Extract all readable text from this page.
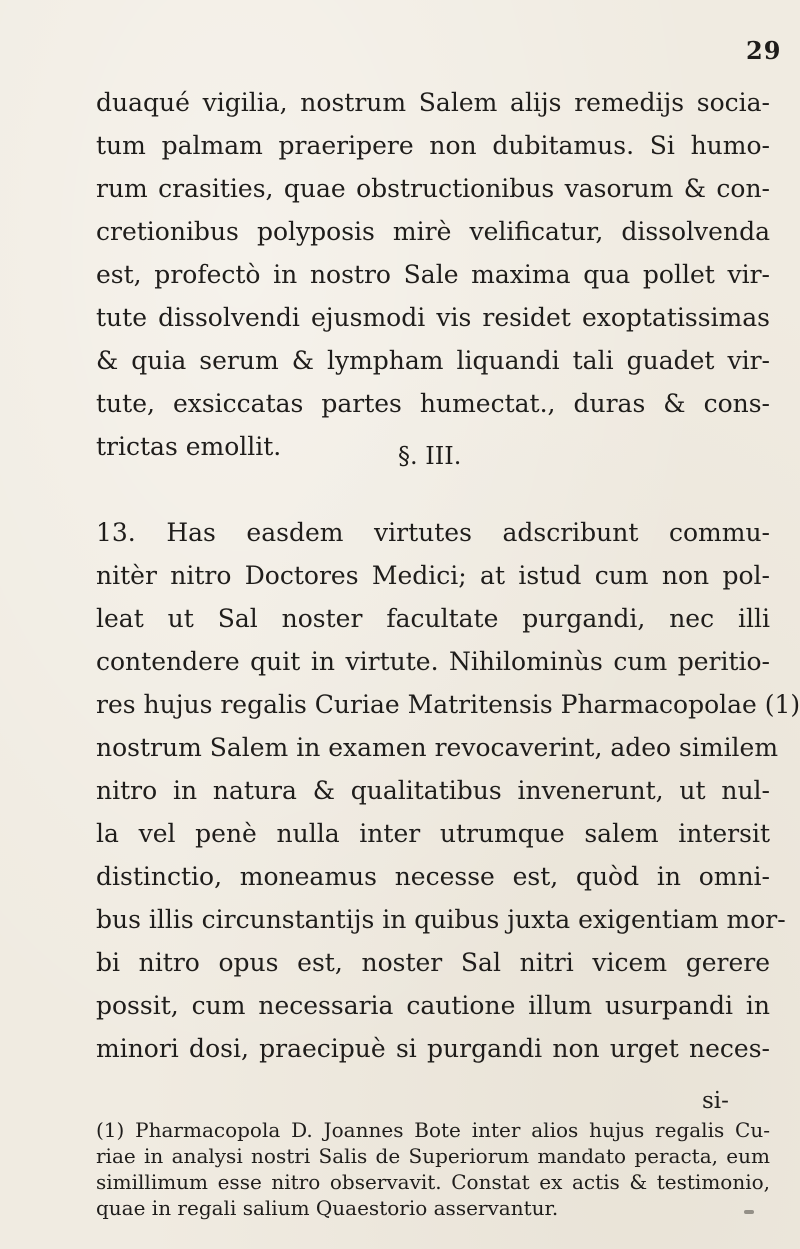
29
duaqué vigilia, nostrum Salem alijs remedijs socia-
tum palmam praeripere non dubitamus. Si humo-
rum crasities, quae obstructionibus vasorum & con-
cretionibus polyposis mirè velificatur, dissolvenda
est, profectò in nostro Sale maxima qua pollet vir-
tute dissolvendi ejusmodi vis residet exoptatissimas
& quia serum & lympham liquandi tali guadet vir-
tute, exsiccatas partes humectat., duras & cons-
trictas emollit.	§. III.
13. Has easdem virtutes adscribunt commu-
nitèr nitro Doctores Medici; at istud cum non pol-
leat ut Sal noster facultate purgandi, nec illi
contendere quit in virtute. Nihilominùs cum peritio-
res hujus regalis Curiae Matritensis Pharmacopolae (1)
nostrum Salem in examen revocaverint, adeo similem
nitro in natura & qualitatibus invenerunt, ut nul-
la vel penè nulla inter utrumque salem intersit
distinctio, moneamus necesse est, quòd in omni-
bus illis circunstantijs in quibus juxta exigentiam mor-
bi nitro opus est, noster Sal nitri vicem gerere
possit, cum necessaria cautione illum usurpandi in
minori dosi, praecipuè si purgandi non urget neces-
si-
(1) Pharmacopola D. Joannes Bote inter alios hujus regalis Cu-
riae in analysi nostri Salis de Superiorum mandato peracta, eum
simillimum esse nitro observavit. Constat ex actis & testimonio,
quae in regali salium Quaestorio asservantur.
